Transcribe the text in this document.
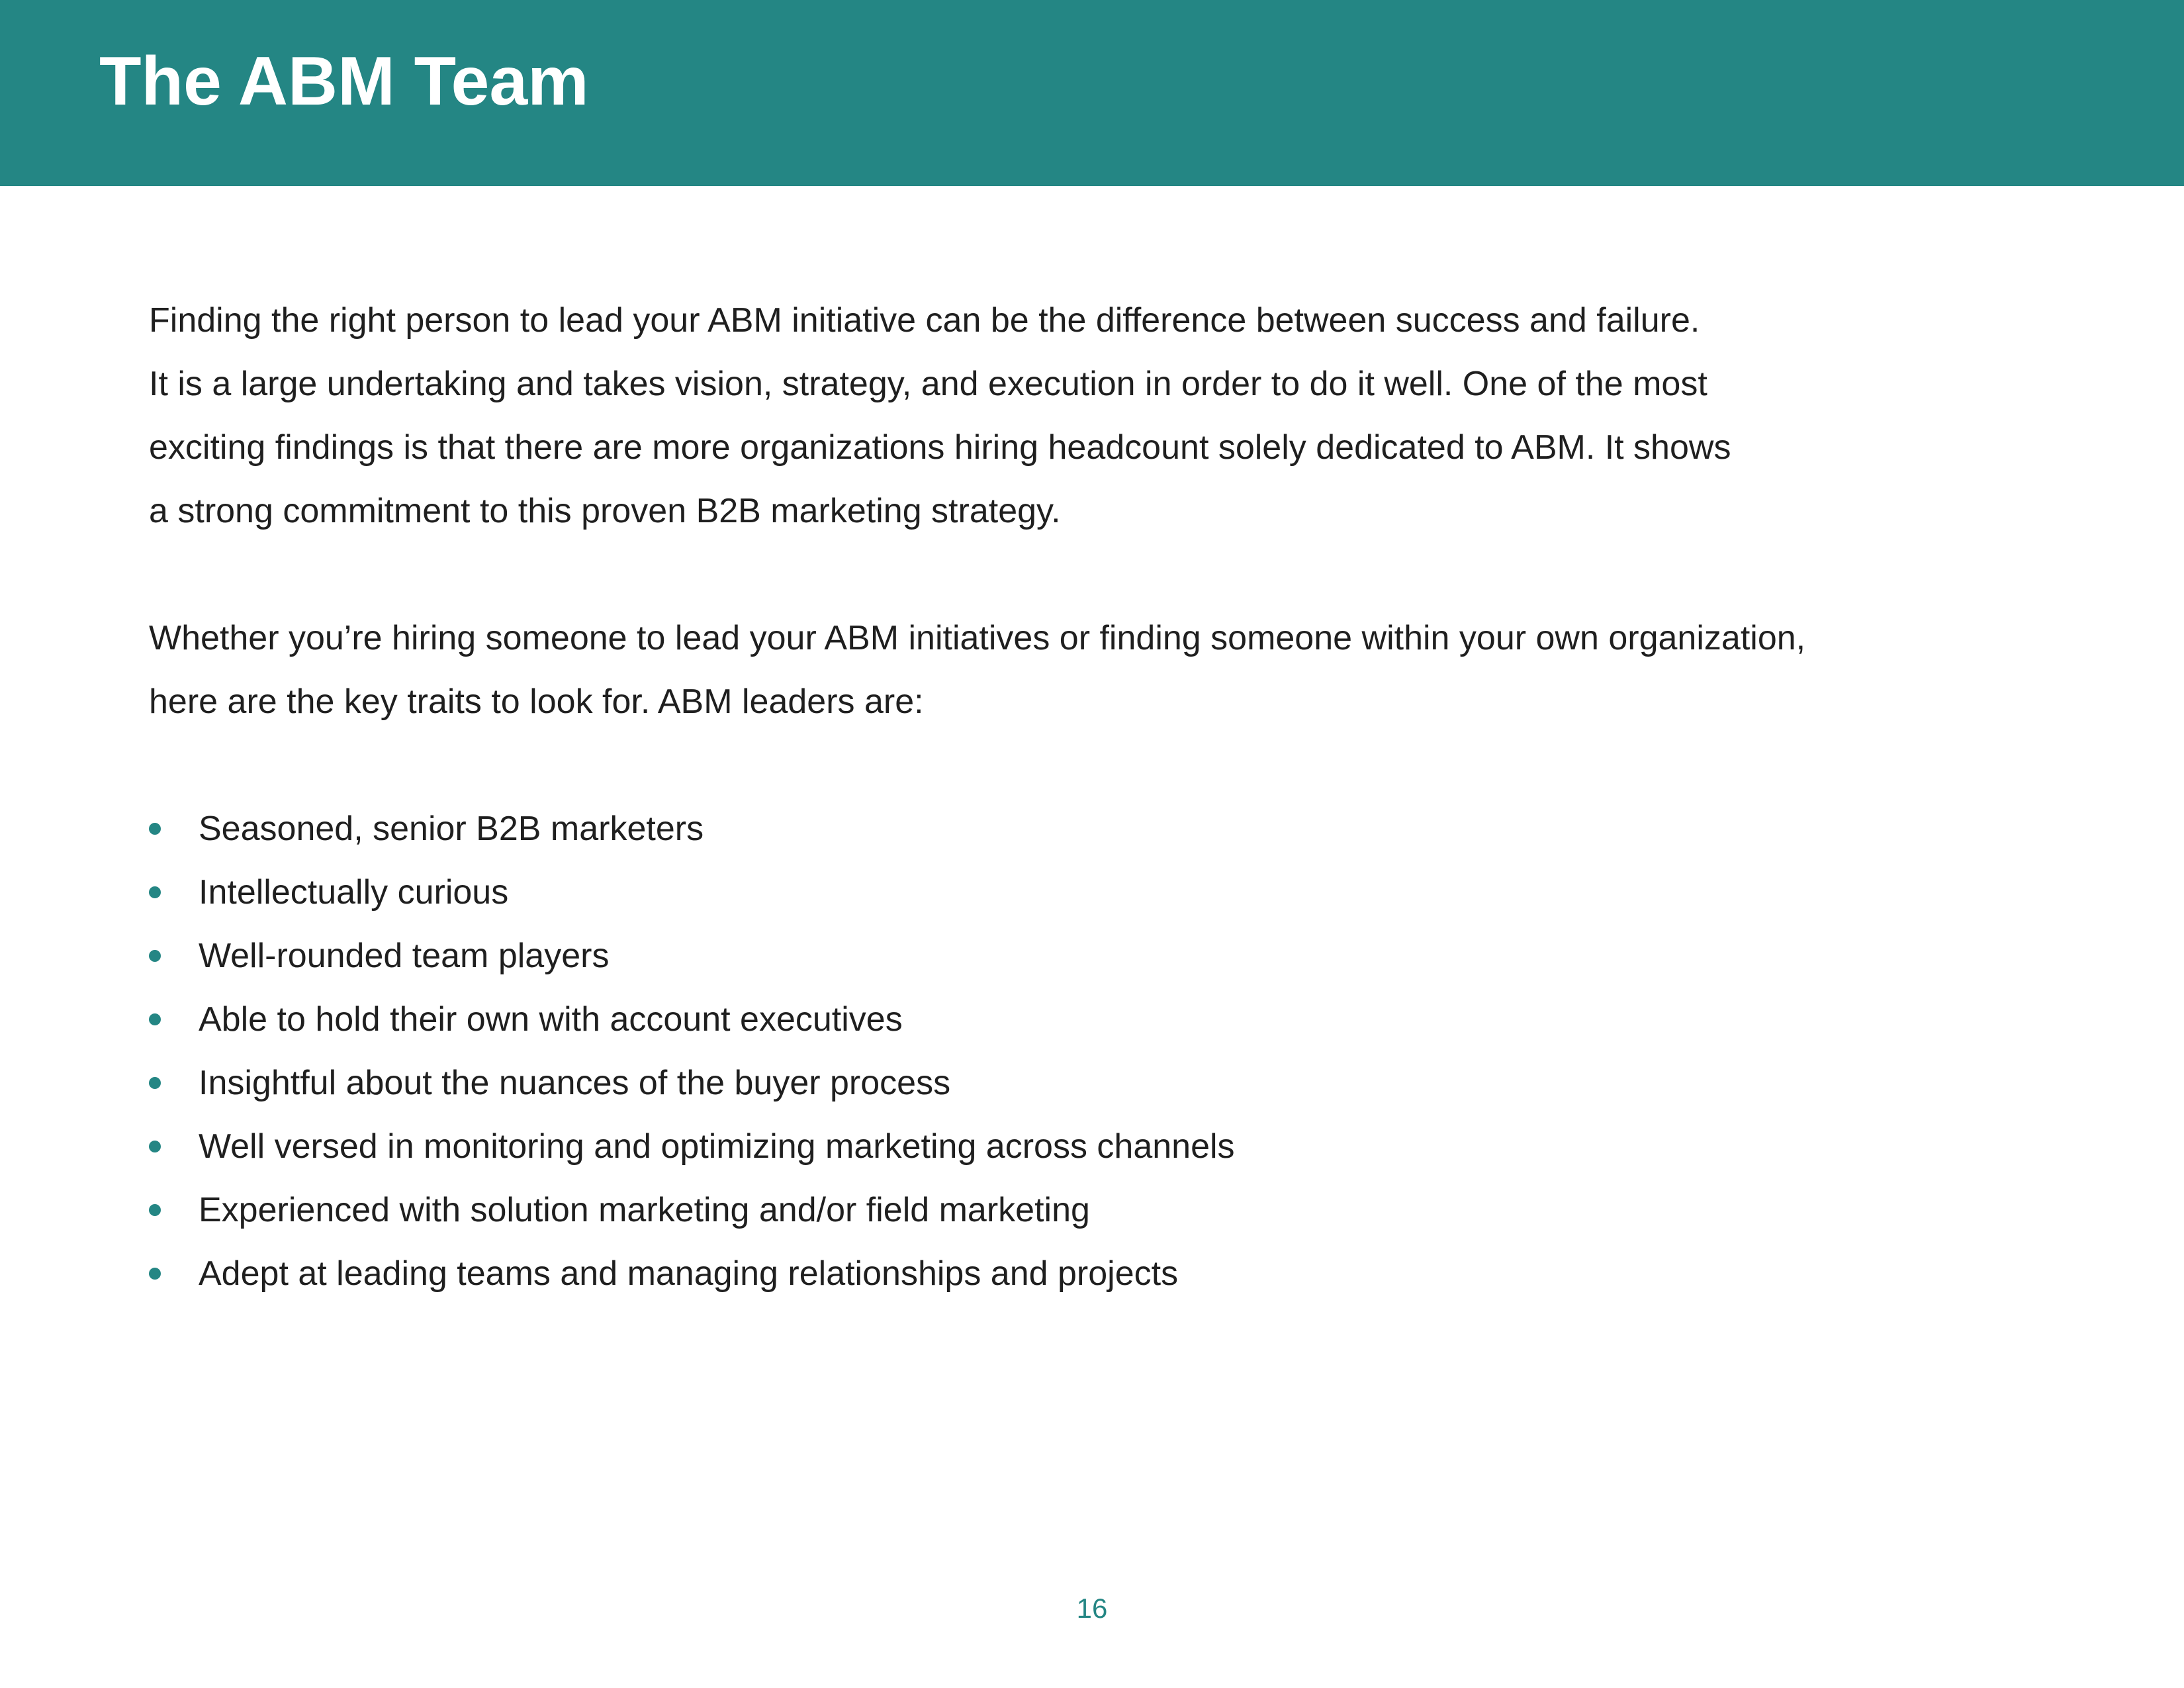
The ABM Team

Finding the right person to lead your ABM initiative can be the difference between success and failure.
It is a large undertaking and takes vision, strategy, and execution in order to do it well. One of the most
exciting findings is that there are more organizations hiring headcount solely dedicated to ABM. It shows
a strong commitment to this proven B2B marketing strategy.

Whether you’re hiring someone to lead your ABM initiatives or finding someone within your own organization,
here are the key traits to look for. ABM leaders are:

Seasoned, senior B2B marketers
Intellectually curious
Well-rounded team players
Able to hold their own with account executives
Insightful about the nuances of the buyer process
Well versed in monitoring and optimizing marketing across channels
Experienced with solution marketing and/or field marketing
Adept at leading teams and managing relationships and projects
16
